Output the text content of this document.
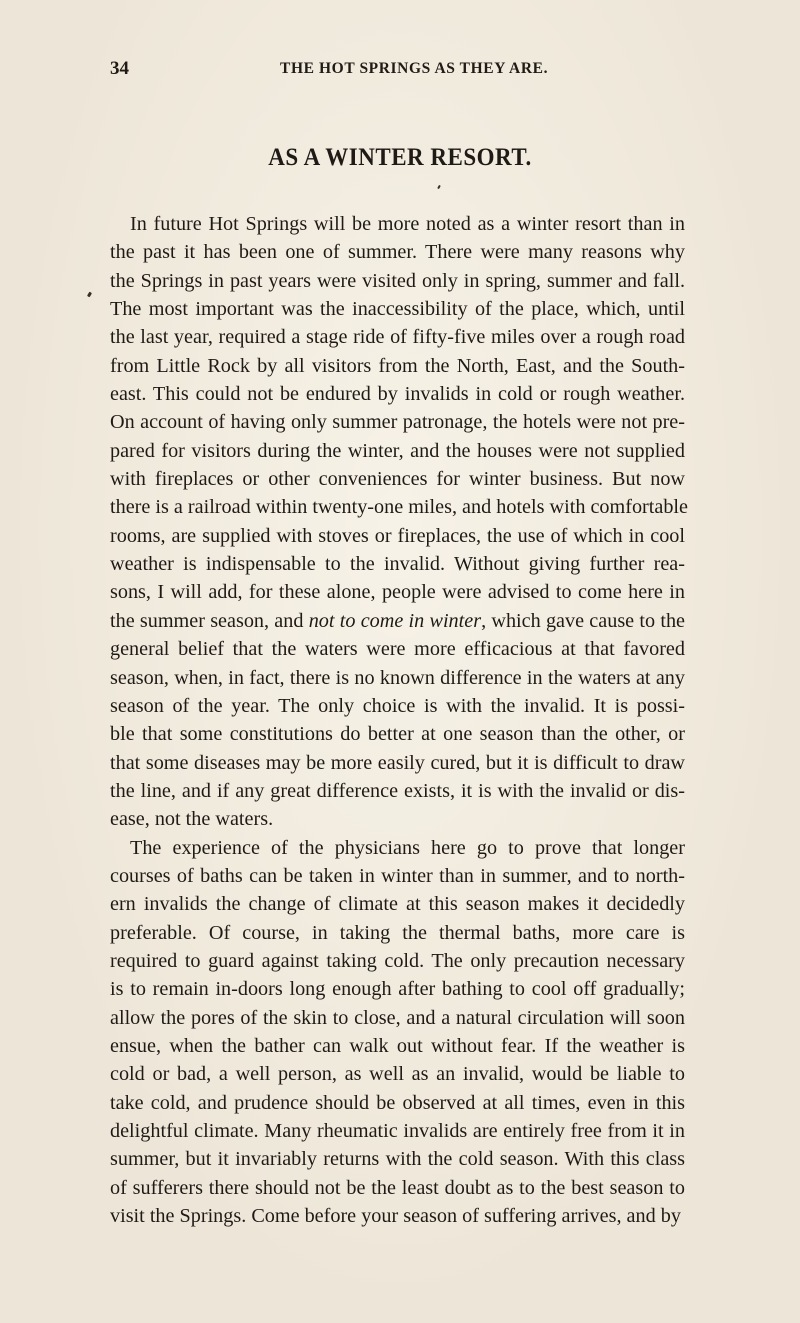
34	THE HOT SPRINGS AS THEY ARE.
AS A WINTER RESORT.
In future Hot Springs will be more noted as a winter resort than in
the past it has been one of summer. There were many reasons why
the Springs in past years were visited only in spring, summer and fall.
The most important was the inaccessibility of the place, which, until
the last year, required a stage ride of fifty-five miles over a rough road
from Little Rock by all visitors from the North, East, and the South-
east. This could not be endured by invalids in cold or rough weather.
On account of having only summer patronage, the hotels were not pre-
pared for visitors during the winter, and the houses were not supplied
with fireplaces or other conveniences for winter business. But now
there is a railroad within twenty-one miles, and hotels with comfortable
rooms, are supplied with stoves or fireplaces, the use of which in cool
weather is indispensable to the invalid. Without giving further rea-
sons, I will add, for these alone, people were advised to come here in
the summer season, and not to come in winter, which gave cause to the
general belief that the waters were more efficacious at that favored
season, when, in fact, there is no known difference in the waters at any
season of the year. The only choice is with the invalid. It is possi-
ble that some constitutions do better at one season than the other, or
that some diseases may be more easily cured, but it is difficult to draw
the line, and if any great difference exists, it is with the invalid or dis-
ease, not the waters.
The experience of the physicians here go to prove that longer
courses of baths can be taken in winter than in summer, and to north-
ern invalids the change of climate at this season makes it decidedly
preferable. Of course, in taking the thermal baths, more care is
required to guard against taking cold. The only precaution necessary
is to remain in-doors long enough after bathing to cool off gradually;
allow the pores of the skin to close, and a natural circulation will soon
ensue, when the bather can walk out without fear. If the weather is
cold or bad, a well person, as well as an invalid, would be liable to
take cold, and prudence should be observed at all times, even in this
delightful climate. Many rheumatic invalids are entirely free from it in
summer, but it invariably returns with the cold season. With this class
of sufferers there should not be the least doubt as to the best season to
visit the Springs. Come before your season of suffering arrives, and by
